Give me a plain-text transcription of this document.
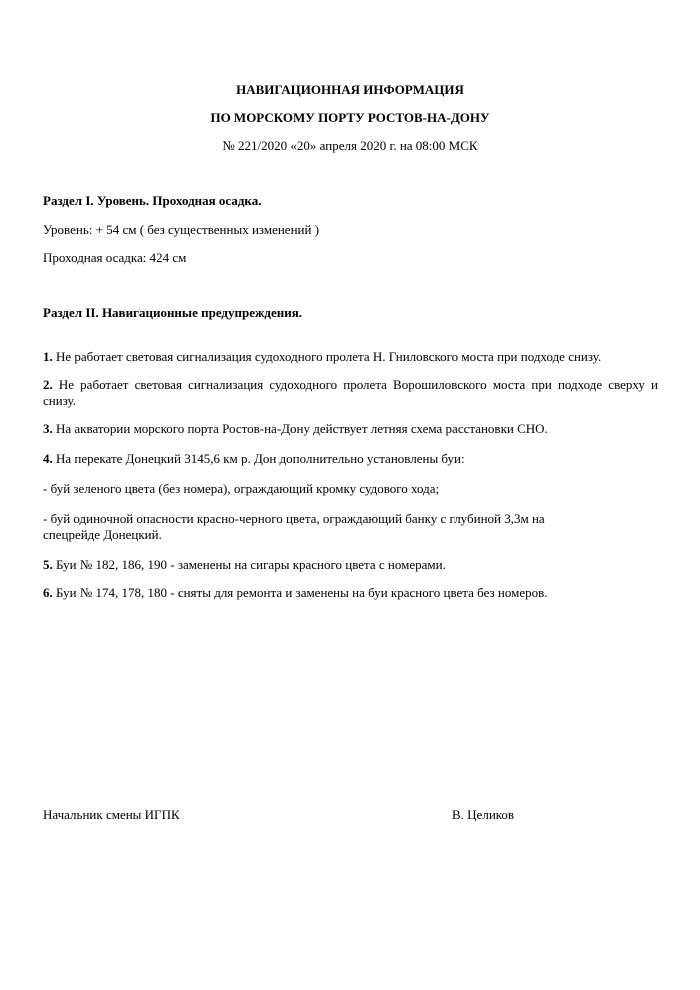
НАВИГАЦИОННАЯ ИНФОРМАЦИЯ
ПО МОРСКОМУ ПОРТУ РОСТОВ-НА-ДОНУ
№ 221/2020 «20» апреля 2020 г. на 08:00 МСК
Раздел I. Уровень. Проходная осадка.
Уровень: + 54 см ( без существенных изменений )
Проходная осадка: 424 см
Раздел II. Навигационные предупреждения.
1. Не работает световая сигнализация судоходного пролета Н. Гниловского моста при подходе снизу.
2. Не работает световая сигнализация судоходного пролета Ворошиловского моста при подходе сверху и снизу.
3. На акватории морского порта Ростов-на-Дону действует летняя схема расстановки СНО.
4. На перекате Донецкий 3145,6 км р. Дон дополнительно установлены буи:
- буй зеленого цвета (без номера), ограждающий кромку судового хода;
- буй одиночной опасности красно-черного цвета, ограждающий банку с глубиной 3,3м на спецрейде Донецкий.
5. Буи № 182, 186, 190 - заменены на сигары красного цвета с номерами.
6. Буи № 174, 178, 180 - сняты для ремонта и заменены на буи красного цвета без номеров.
Начальник смены ИГПК	В. Целиков
